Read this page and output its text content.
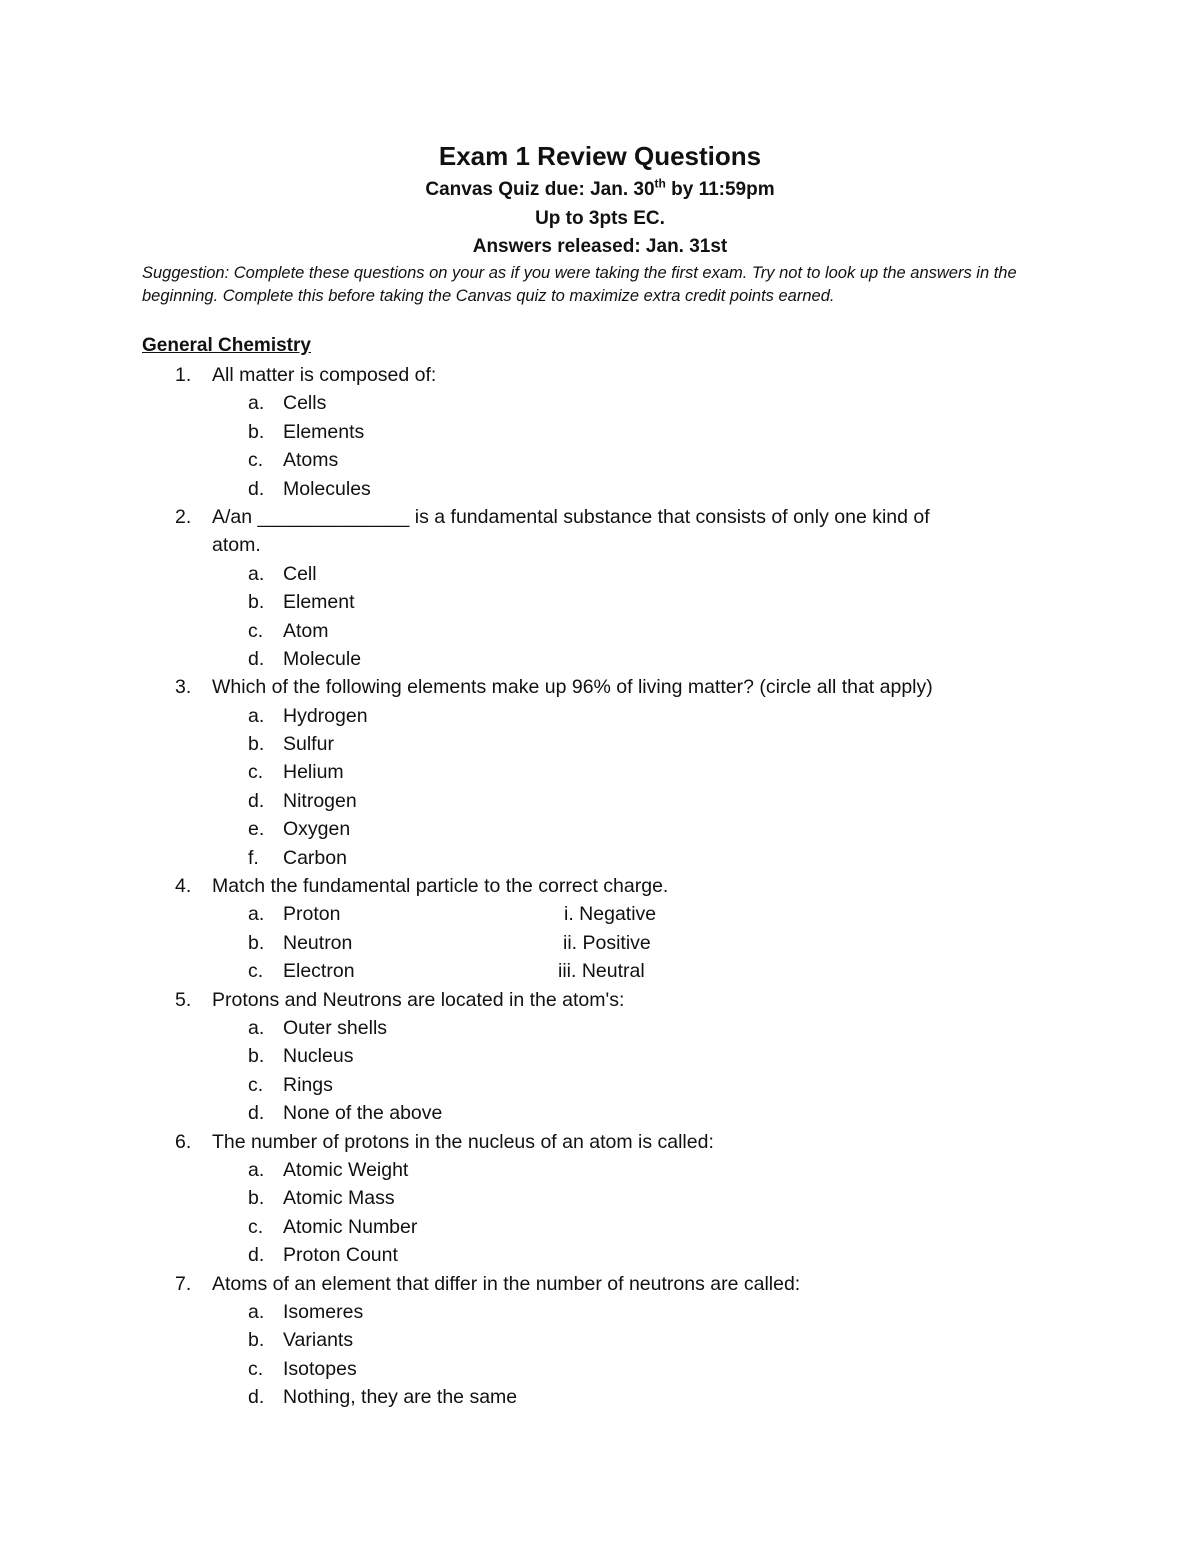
Exam 1 Review Questions
Canvas Quiz due: Jan. 30th by 11:59pm
Up to 3pts EC.
Answers released: Jan. 31st
Suggestion: Complete these questions on your as if you were taking the first exam. Try not to look up the answers in the beginning. Complete this before taking the Canvas quiz to maximize extra credit points earned.
General Chemistry
1. All matter is composed of:
a. Cells
b. Elements
c. Atoms
d. Molecules
2. A/an ______________ is a fundamental substance that consists of only one kind of
atom.
a. Cell
b. Element
c. Atom
d. Molecule
3. Which of the following elements make up 96% of living matter? (circle all that apply)
a. Hydrogen
b. Sulfur
c. Helium
d. Nitrogen
e. Oxygen
f. Carbon
4. Match the fundamental particle to the correct charge.
a. Proton	i. Negative
b. Neutron	ii. Positive
c. Electron	iii. Neutral
5. Protons and Neutrons are located in the atom's:
a. Outer shells
b. Nucleus
c. Rings
d. None of the above
6. The number of protons in the nucleus of an atom is called:
a. Atomic Weight
b. Atomic Mass
c. Atomic Number
d. Proton Count
7. Atoms of an element that differ in the number of neutrons are called:
a. Isomeres
b. Variants
c. Isotopes
d. Nothing, they are the same
